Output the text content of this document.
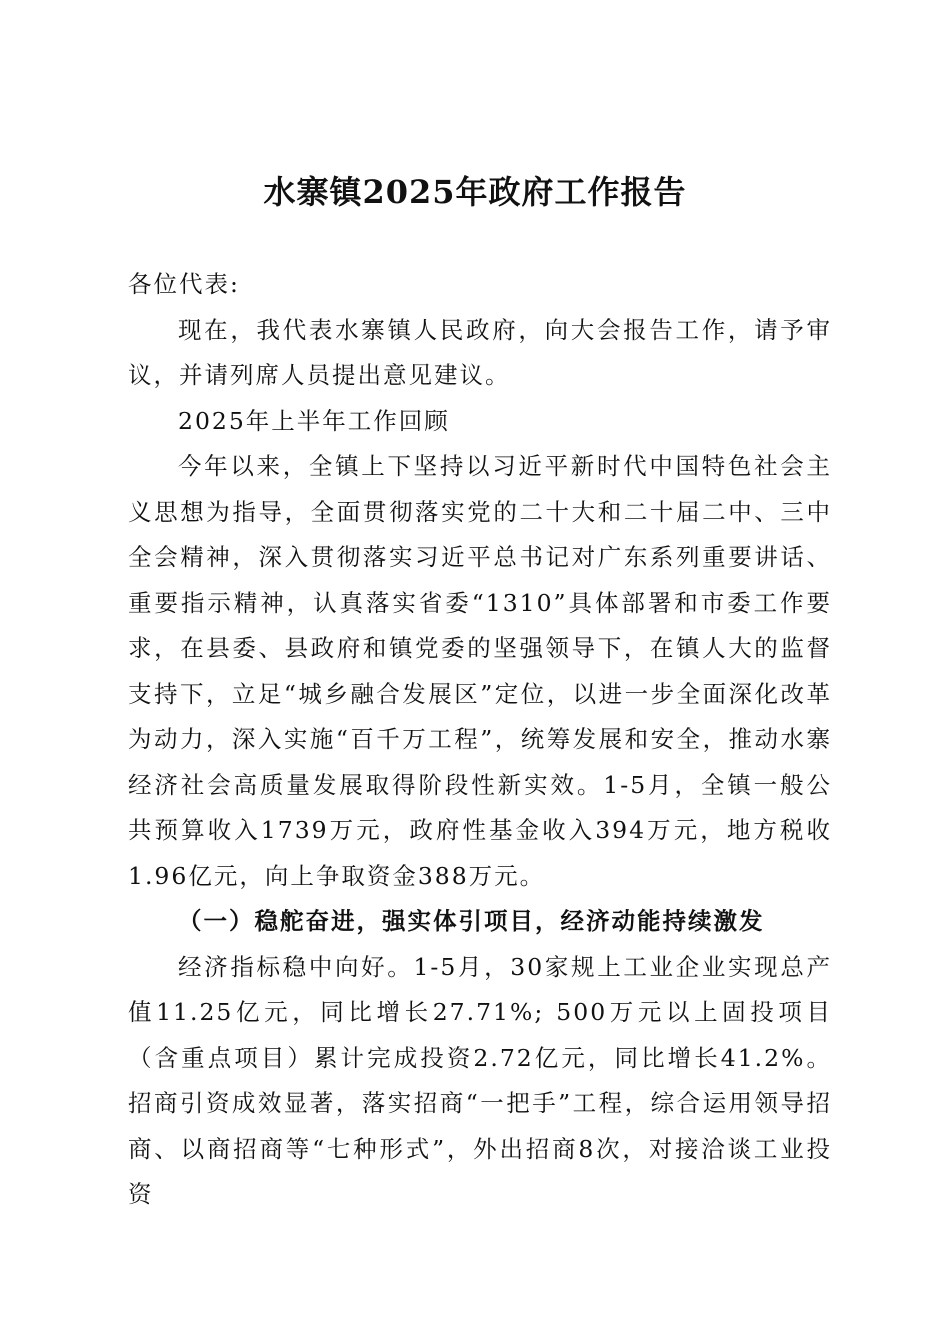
水寨镇2025年政府工作报告

各位代表:

现在，我代表水寨镇人民政府，向大会报告工作，请予审议，并请列席人员提出意见建议。

2025年上半年工作回顾

今年以来，全镇上下坚持以习近平新时代中国特色社会主义思想为指导，全面贯彻落实党的二十大和二十届二中、三中全会精神，深入贯彻落实习近平总书记对广东系列重要讲话、重要指示精神，认真落实省委“1310”具体部署和市委工作要求，在县委、县政府和镇党委的坚强领导下，在镇人大的监督支持下，立足“城乡融合发展区”定位，以进一步全面深化改革为动力，深入实施“百千万工程”，统筹发展和安全，推动水寨经济社会高质量发展取得阶段性新实效。1-5月，全镇一般公共预算收入1739万元，政府性基金收入394万元，地方税收1.96亿元，向上争取资金388万元。

（一）稳舵奋进，强实体引项目，经济动能持续激发

经济指标稳中向好。1-5月，30家规上工业企业实现总产值11.25亿元，同比增长27.71%; 500万元以上固投项目（含重点项目）累计完成投资2.72亿元，同比增长41.2%。招商引资成效显著，落实招商“一把手”工程，综合运用领导招商、以商招商等“七种形式”，外出招商8次，对接洽谈工业投资
